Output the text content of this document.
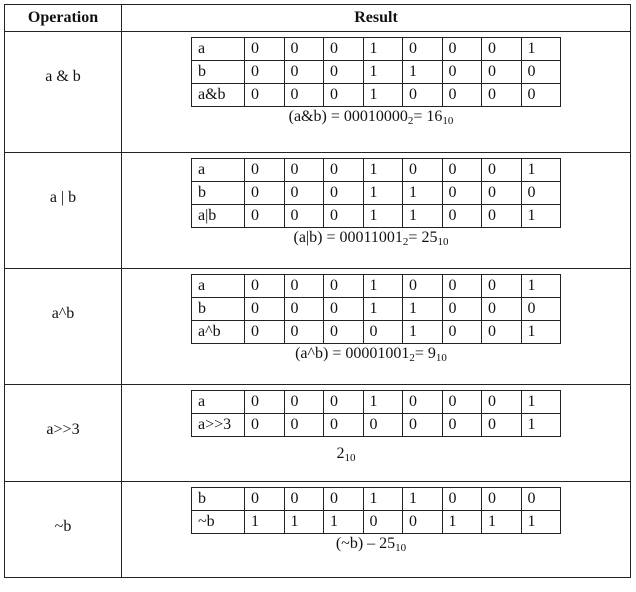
Operation	Result

a & b

a	0	0	0	1	0	0	0	1
b	0	0	0	1	1	0	0	0
a&b	0	0	0	1	0	0	0	0
(a&b) = $00010000_2= 16_{10}$

a | b

a	0	0	0	1	0	0	0	1
b	0	0	0	1	1	0	0	0
a|b	0	0	0	1	1	0	0	1
$(a|b) = 00011001_2= 25_{10}$

a^b

a	0	0	0	1	0	0	0	1
b	0	0	0	1	1	0	0	0
a^b	0	0	0	0	1	0	0	1
(a^b) = $00001001_2= 9_{10}$

a>>3

a	0	0	0	1	0	0	0	1
a>>3	0	0	0	0	0	0	0	1
$2_{10}$

~b

b	0	0	0	1	1	0	0	0
~b	1	1	1	0	0	1	1	1
(~b) – $25_{10}$
